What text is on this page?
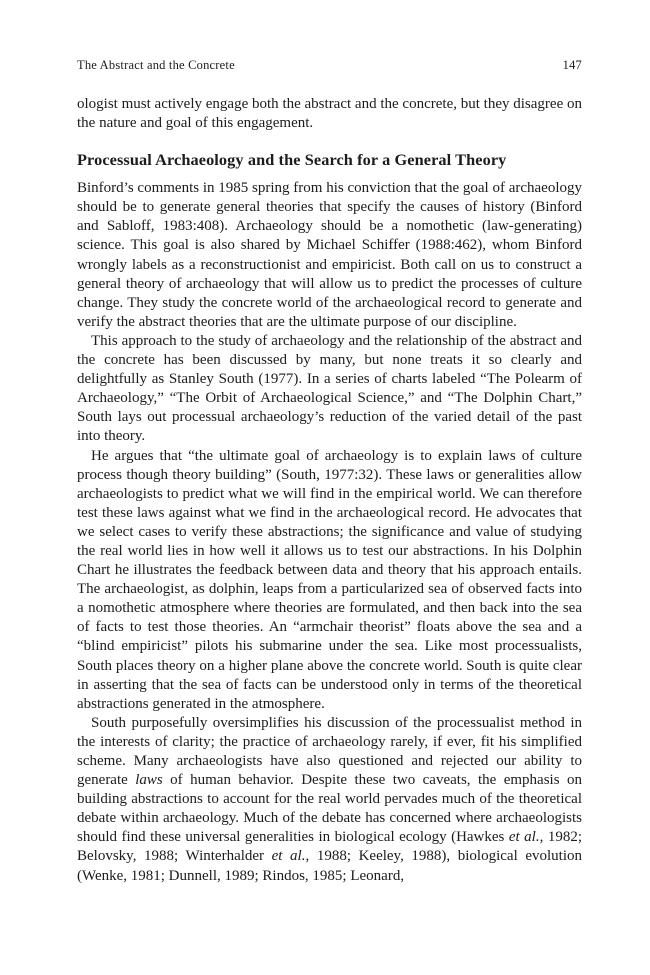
The Abstract and the Concrete	147

ologist must actively engage both the abstract and the concrete, but they disagree on the nature and goal of this engagement.

Processual Archaeology and the Search for a General Theory

Binford’s comments in 1985 spring from his conviction that the goal of archaeology should be to generate general theories that specify the causes of history (Binford and Sabloff, 1983:408). Archaeology should be a nomothetic (law-generating) science. This goal is also shared by Michael Schiffer (1988:462), whom Binford wrongly labels as a reconstructionist and empiricist. Both call on us to construct a general theory of archaeology that will allow us to predict the processes of culture change. They study the concrete world of the archaeological record to generate and verify the abstract theories that are the ultimate purpose of our discipline.

This approach to the study of archaeology and the relationship of the abstract and the concrete has been discussed by many, but none treats it so clearly and delightfully as Stanley South (1977). In a series of charts labeled “The Polearm of Archaeology,” “The Orbit of Archaeological Science,” and “The Dolphin Chart,” South lays out processual archaeology’s reduction of the varied detail of the past into theory.

He argues that “the ultimate goal of archaeology is to explain laws of culture process though theory building” (South, 1977:32). These laws or generalities allow archaeologists to predict what we will find in the empirical world. We can therefore test these laws against what we find in the archaeological record. He advocates that we select cases to verify these abstractions; the significance and value of studying the real world lies in how well it allows us to test our abstractions. In his Dolphin Chart he illustrates the feedback between data and theory that his approach entails. The archaeologist, as dolphin, leaps from a particularized sea of observed facts into a nomothetic atmosphere where theories are formulated, and then back into the sea of facts to test those theories. An “armchair theorist” floats above the sea and a “blind empiricist” pilots his submarine under the sea. Like most processualists, South places theory on a higher plane above the concrete world. South is quite clear in asserting that the sea of facts can be understood only in terms of the theoretical abstractions generated in the atmosphere.

South purposefully oversimplifies his discussion of the processualist method in the interests of clarity; the practice of archaeology rarely, if ever, fit his simplified scheme. Many archaeologists have also questioned and rejected our ability to generate laws of human behavior. Despite these two caveats, the emphasis on building abstractions to account for the real world pervades much of the theoretical debate within archaeology. Much of the debate has concerned where archaeologists should find these universal generalities in biological ecology (Hawkes et al., 1982; Belovsky, 1988; Winterhalder et al., 1988; Keeley, 1988), biological evolution (Wenke, 1981; Dunnell, 1989; Rindos, 1985; Leonard,
